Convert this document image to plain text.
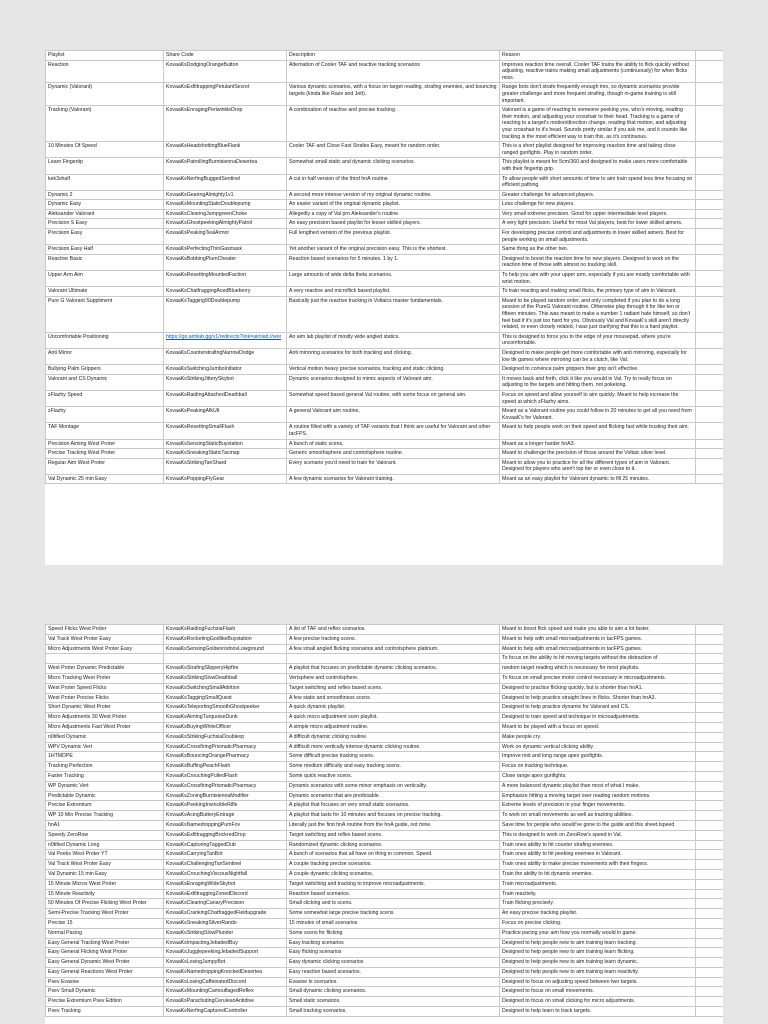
Playlist	Share Code	Description	Reason	
Reaction	KovaaKsDodgingOrangeButton	Alternation of Cooler TAF and reactive tracking scenarios	Improves reaction time overall, Cooler TAF trains the ability to flick quickly without adjusting, reactive trains making small adjustments (continuously) for when flicks miss.	
Dynamic (Valorant)	KovaaKsExfiltrappingPetulantSecret	Various dynamic scenarios, with a focus on target reading, strafing enemies, and bouncing targets (kinda like Raze and Jett).	Range bots don't strafe frequently enough imo, so dynamic scenarios provide greater challenge and more frequent strafing, though in-game training is still important.	
Tracking (Valorant)	KovaaKsEnragingPeriwinkleDrop	A combination of reactive and precise tracking.	Valorant is a game of reacting to someone peeking you, who's moving, reading their motion, and adjusting your crosshair to their head. Tracking is a game of reacting to a target's motion/direction change, reading that motion, and adjusting your crosshair to it's head. Sounds pretty similar if you ask me, and it sounds like tracking is the most efficient way to train this, as it's continuous.	
10 Minutes Of Speed	KovaaKsHeadshottingBlueFlank	Cooler TAF and Close Fast Strafes Easy, meant for random order.	This is a short playlist designed for improving reaction time and taking close ranged gunfights. Play in random order.	
Learn Fingertip	KovaaKsPatrollingBurntsiennaDesertea	Somewhat small static and dynamic clicking scenarios.	This playlist is meant for 5cm/360 and designed to make users more comfortable with their fingertip grip.	
kek3shalf	KovaaKsNerfingBuggedSentinel	A cut in half version of the third hnA routine.	To allow people with short amounts of time to aim train spend less time focusing on efficient pathing.	
Dynamic 2	KovaaKsGearingAlmighty1v1	A second more intense version of my original dynamic routine.	Greater challenge for advanced players.	
Dynamic Easy	KovaaKsMountingStaticDoublepump	An easier variant of the original dynamic playlist.	Less challenge for new players.	
Aleksander Valorant	KovaaKsClearingJumpgreenChoke	Allegedly a copy of Val pro Aleksander's routine.	Very small extreme precision. Good for upper intermediate level players.	
Precision S Easy	KovaaKsGhostpeekingAlmightyPatrol	An easy precision based playlist for lesser skilled players.	A very light precision. Useful for most Val players, best for lower skilled aimers.	
Precision Easy	KovaaKsPeakingTealArmor	Full lengthed version of the previous playlist.	For developing precise control and adjustments in lower skilled aimers. Best for people working on small adjustments.	
Precision Easy Half	KovaaKsPerfectingThinGasmask	Yet another variant of the original precision easy. This is the shortest.	Same thing as the other two.	
Reactive Basic	KovaaKsBobbingPlumCheater	Reaction based scenarios for 5 minutes. 1 by 1.	Designed to boost the reaction time for new players. Designed to work on the reaction time of those with almost no tracking skill.	
Upper Arm Aim	KovaaKsResettingMountedFaction	Large amounts of wide delta theta scenarios.	To help you aim with your upper arm, especially if you are mostly comfortable with wrist motion.	
Valorant Ultimate	KovaaKsChatfraggingAcedBlueberry	A very reactive and microflick based playlist.	To train reacting and making small flicks, the primary type of aim in Valorant.	
Pure G Valorant Suppliment	KovaaKsTagging90Doublepump	Basically just the reactive tracking in Voltaics master fundamentals.	Meant to be played random order, and only completed if you plan to do a long session of the PureG Valorant routine. Otherwise play through it for like ten or fifteen minutes. This was meant to make a number 1 radiant hate himself, so don't feel bad if it's just too hard for you. Obviously Val and KovaaK's skill aren't directly related, or even closely related, I was just clarifying that this is a hard playlist.	
Uncomfortable Positioning	https://go.aimlab.gg/v1/redirects?link=aimlab://wor	An aim lab playlist of mostly wide angled statics.	This is designed to force you to the edge of your mousepad, where you're uncomfortable.	
Anti Mirror	KovaaKsCounterstrafingNarrowDodge	Anti mirroring scenarios for both tracking and clicking.	Designed to make people get more comfortable with anti mirroring, especially for low ttk games where mirroring can be a clutch, like Val.	
Bullying Palm Grippers	KovaaKsSwitchingJumboInitiator	Vertical motion heavy precise scenarios, tracking and static clicking.	Designed to convince palm grippers their grip isn't effective.	
Valorant and CS Dynamic	KovaaKsStrikingJitterySkybot	Dynamic scenarios designed to mimic aspects of Valorant aim.	It moves back and forth, click it like you would in Val. Try to really focus on adjusting to the targets and hitting them, not pokeiong.	
zFlazhy Speed	KovaaKsRaidingAttachedDeathball	Somewhat speed based general Val routine, with some focus on general aim.	Focus on speed and allow yourself to aim quickly. Meant to help increase the speed at which zFlazhy aims.	
zFlazhy	KovaaKsPeakingAfkUlt	A general Valorant aim routine,	Meant as a Valorant routine you could follow in 20 minutes to get all you need from KovaaK's for Valorant.	
TAF Montage	KovaaKsResettingSmallFlash	A routine filled with a variety of TAF variants that I think are useful for Valorant and other tacFPS.	Meant to help people work on their speed and flicking fast while trusting their aim.	
Precision Aiming West Proter	KovaaKsSensingStaticBuystation	A bunch of static scens.	Meant as a longer harder hnA3.	
Precise Tracking West Proter	KovaaKsSneakingStaticTacmap	Generic smoothsphere and controlsphere routine.	Meant to challenge the precision of those around the Voltaic silver level.	
Regular Aim West Proter	KovaaKsStrikingTanShard	Every scenario you'd need to train for Valorant.	Meant to allow you to practice for all the different types of aim in Valorant. Designed for players who aren't top tier or even close to it.	
Val Dynamic 25 min Easy	KovaaKsPoppingFlyGear	A few dynamic scenarios for Valorant training.	Meant as an easy playlist for Valorant dynamic to fill 25 minutes.	
Speed Flicks West Proter	KovaaKsRaidingFuchsiaFlash	A list of TAF and reflex scenarios.	Meant to boost flick speed and make you able to aim a lot faster.	
Val Track West Proter Easy	KovaaKsRocketingGodlikeBuystation	A few precise tracking scens.	Meant to help with small microadjustments in tacFPS games.	
Micro Adjustments West Proter Easy	KovaaKsSensingGoldenrodnovLowground	A few small angled flicking scenarios and controlsphere platinum.	Meant to help with small microadjustments in tacFPS games.	
			To focus on the ability to hit moving targets without the distraction of	
West Proter Dynamic Predictable	KovaaKsStrafingSlipperyHipfire	A playlist that focuses on predictable dynamic clicking scenarios.	random target reading which is necessary for most playlists.	
Micro Tracking West Proter	KovaaKsStrikingSlowDeathball	Vertsphere and controlsphere.	To focus on small precise motor control necessary in microadjustments.	
West Proter Speed Flicks	KovaaKsSwitchingSmallAttrition	Target switching and reflex based scens.	Designed to practice flicking quickly, but is shorter than hnA1.	
West Proter Precise Flicks	KovaaKsTaggingSmallQuest	A few static and smoothness scens.	Designed to help practice straight lines in flicks. Shorter than hnA3.	
Short Dynamic West Proter	KovaaKsTeleportingSmoothGhostpeeker	A quick dynamic playlist.	Designed to help practice dynamic for Valorant and CS.	
Micro Adjustments 30 West Proter	KovaaKsAimingTurquoiseDunk	A quick micro adjustment scen playlist.	Designed to train speed and technique in microadjustments.	
Micro Adjustments Fast West Proter	KovaaKsBuyingWhiteOfficer	A simple micro adjustment routine.	Meant to be played with a focus on speed.	
n0tified Dynamic	KovaaKsStrikingFuchsiaDoublexp	A difficult dynamic clicking routine.	Make people cry.	
WPV Dynamic Vert	KovaaKsCrossfiringPrismaticPharmacy	A difficult more vertically intense dynamic clicking routine.	Work on dynamic vertical clicking ability.	
1HTMDPE	KovaaKsBouncingOrangePharmacy	Some difficult precise tracking scens.	Improve mid and long range apex gunfights.	
Tracking Perfection	KovaaKsBuffingPeachFlash	Some medium difficulty and easy tracking scens.	Focus on tracking technique.	
Faster Tracking	KovaaKsCrouchingPulledFlash	Some quick reactive scens.	Close range apex gunfights.	
WP Dynamic Vert	KovaaKsCrossfiringPrismaticPharmacy	Dynamic scenarios with some minor emphasis on verticality.	A more balanced dynamic playlist than most of what I make.	
Predictable Dynamic	KovaaKsZoningBurntsiennaModifier	Dynamic scenarios that are predictable.	Emphasize hitting a moving target over reading random motions.	
Precise Extremium	KovaaKsPeekingInvincibleRifle	A playlist that focuses on very small static scenarios.	Extreme levels of precision in your finger movements.	
WP 10 Min Precise Tracking	KovaaKsAcingButteryEntrage	A playlist that lasts for 10 minutes and focuses on precise tracking.	To work on small movements as well as tracking abilities.	
hnA1	KovaaKsNamedroppingPumFov	Literally just the first hnA routine from the hnA guide, not mine.	Save time for people who would've gone to the guide and this sheet.Ispeed	
Speedy ZeroRow	KovaaKsExfiltraggingBrickredDrop	Target switching and reflex based scens.	This is designed to work on ZeroRow's speed in Val.	
n0tified Dynamic Long	KovaaKsCapturingTaggedDub	Randomized dynamic clicking scenarios.	Train ones ability to hit counter strafing enemies.	
Val Peeks West Proter YT	KovaaKsCarryingTanBot	A bunch of scenarios that all have on thing in common. Speed.	Train ones ability to hit peeking enemies in Valorant.	
Val Track West Proter Easy	KovaaKsChallengingTanSentinel	A couple tracking precise scenarios.	Train ones ability to make precise movements with their fingers.	
Val Dynamic 15 min Easy	KovaaKsCrouchingViscousNightfall	A couple dynamic clicking scenarios,	Train the ability to hit dynamic enemies.	
15 Minute Micros West Proter	KovaaKsEnragingWideSkybot	Target switching and tracking to improve microadjustments.	Train microadjustments.	
15 Minute Reactivity	KovaaKsExfiltraggingZonedDiscord	Reaction based scenarios.	Train reactivity.	
50 Minutes Of Precise Flicking West Proter	KovaaKsClearingCanaryPrecision	Small clicking and ts scens.	Train flicking precisely.	
Semi-Precise Tracking West Proter	KovaaKsCrankingChatfraggedFieldupgrade	Some somewhat large precise tracking scens.	An easy precise tracking playlist.	
Precise 15	KovaaKsSneakingSilverRando	15 minutes of small scenarios	Focus on precise clicking.	
Normal Pacing	KovaaKsStrikingSlowPlunder	Some scens for flicking	Practice pacing your aim how you normally would in game.	
Easy General Tracking West Proter	KovaaKsImpactingJebaitedBuy	Easy tracking scenarios	Designed to help people new to aim training learn tracking.	
Easy General Flicking West Proter	KovaaKsJugglepeekingJebaitedSupport	Easy flicking scenarios	Designed to help people new to aim training learn flicking.	
Easy General Dynamic West Proter	KovaaKsLosingJumpyBot	Easy dynamic clicking scenarios	Designed to help people new to aim training learn dynamic.	
Easy General Reactions West Proter	KovaaKsNamedroppingKnockedDesertea	Easy reaction based scenarios.	Designed to help people new to aim training learn reactivity.	
Psev Evasive	KovaaKsLosingCaffeinatedDiscord	Evasive ts scenarios.	Designed to focus on adjusting speed between two targets.	
Psev Small Dynamic	KovaaKsMountingCamouflagedReflex	Small dynamic clicking scenarios.	Designed to focus on small movements.	
Precise Extremium Psev Edition	KovaaKsParachutingCeruleanAntidive	Small static scenarios.	Designed to focus on small clicking for micro adjustments.	
Psev Tracking	KovaaKsNerfingCapturedController	Small tracking scenarios.	Designed to help learn to track targets.	
